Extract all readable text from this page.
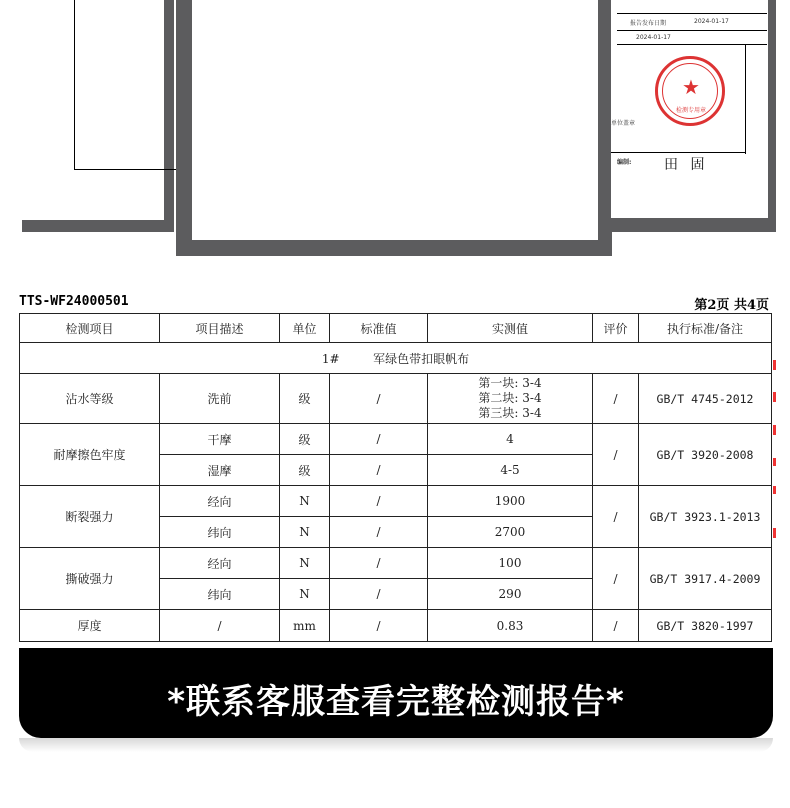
报告发布日期	2024-01-17
2024-01-17
单位盖章
编制: 田 固
★
检测专用章
TTS-WF24000501	第2页 共4页
检测项目	项目描述	单位	标准值	实测值	评价	执行标准/备注
1# 军绿色带扣眼帆布						
沾水等级	洗前	级	/	第一块: 3-4
第二块: 3-4
第三块: 3-4	/	GB/T 4745-2012
耐摩擦色牢度	干摩	级	/	4	/	GB/T 3920-2008
	湿摩	级	/	4-5		
断裂强力	经向	N	/	1900	/	GB/T 3923.1-2013
	纬向	N	/	2700		
撕破强力	经向	N	/	100	/	GB/T 3917.4-2009
	纬向	N	/	290		
厚度	/	mm	/	0.83	/	GB/T 3820-1997
*联系客服查看完整检测报告*
